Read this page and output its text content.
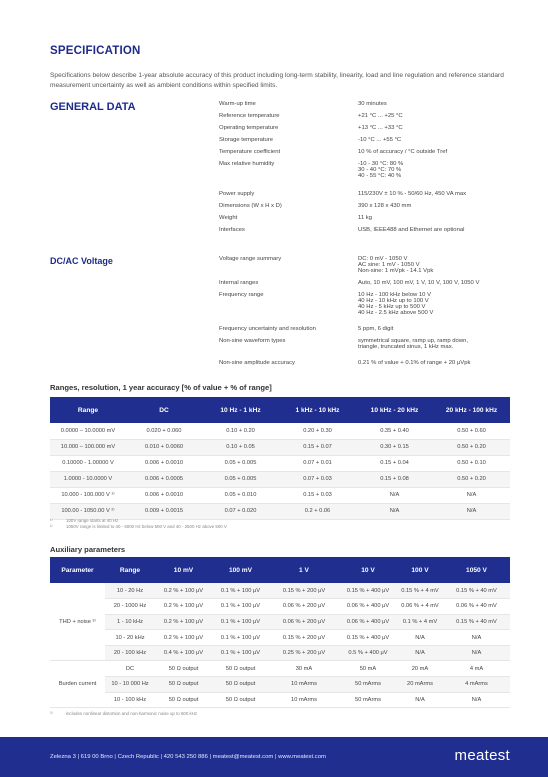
SPECIFICATION
Specifications below describe 1-year absolute accuracy of this product including long-term stability, linearity, load and line regulation and reference standard measurement uncertainty as well as ambient conditions within specified limits.
GENERAL DATA	Warm-up time	30 minutes
Reference temperature	+21 °C ... +25 °C
Operating temperature	+13 °C ... +33 °C
Storage temperature	-10 °C ... +55 °C
Temperature coefficient	10 % of accuracy / °C outside Tref
Max relative humidity	-10 - 30 °C: 80 %
30 - 40 °C: 70 %
40 - 55 °C: 40 %
Power supply	115/230V ± 10 % - 50/60 Hz, 450 VA max
Dimensions (W x H x D)	390 x 128 x 430 mm
Weight	11 kg
Interfaces	USB, IEEE488 and Ethernet are optional
DC/AC Voltage	Voltage range summary	DC: 0 mV - 1050 V
AC sine: 1 mV - 1050 V
Non-sine: 1 mVpk - 14.1 Vpk
Internal ranges	Auto, 10 mV, 100 mV, 1 V, 10 V, 100 V, 1050 V
Frequency range	10 Hz - 100 kHz below 10 V
40 Hz - 10 kHz up to 100 V
40 Hz - 5 kHz up to 500 V
40 Hz - 2.5 kHz above 500 V
Frequency uncertainty and resolution	5 ppm, 6 digit
Non-sine waveform types	symmetrical square, ramp up, ramp down,
triangle, truncated sinus, 1 kHz max.
Non-sine amplitude accuracy	0.21 % of value + 0.1% of range + 20 μVpk
Ranges, resolution, 1 year accuracy [% of value + % of range]
Range	DC	10 Hz - 1 kHz	1 kHz - 10 kHz	10 kHz - 20 kHz	20 kHz - 100 kHz
0.0000 – 10.0000 mV	0.020 + 0.060	0.10 + 0.20	0.20 + 0.30	0.35 + 0.40	0.50 + 0.60
10.000 – 100.000 mV	0.010 + 0.0060	0.10 + 0.05	0.15 + 0.07	0.30 + 0.15	0.50 + 0.20
0.10000 - 1.00000 V	0.006 + 0.0010	0.05 + 0.005	0.07 + 0.01	0.15 + 0.04	0.50 + 0.10
1.0000 - 10.0000 V	0.006 + 0.0005	0.05 + 0.005	0.07 + 0.03	0.15 + 0.08	0.50 + 0.20
10.000 - 100.000 V ¹⁾	0.006 + 0.0010	0.05 + 0.010	0.15 + 0.03	N/A	N/A
100.00 - 1050.00 V ²⁾	0.009 + 0.0015	0.07 + 0.020	0.2 + 0.06	N/A	N/A
¹⁾	100V range starts at 40 Hz
²⁾	1050V range is limited to 40 - 5000 Hz below 500 V and 40 - 2500 Hz above 500 V
Auxiliary parameters
Parameter	Range	10 mV	100 mV	1 V	10 V	100 V	1050 V
THD + noise ³⁾	10 - 20 Hz	0.2 % + 100 μV	0.1 % + 100 μV	0.15 % + 200 μV	0.15 % + 400 μV	0.15 % + 4 mV	0.15 % + 40 mV
	20 - 1000 Hz	0.2 % + 100 μV	0.1 % + 100 μV	0.06 % + 200 μV	0.06 % + 400 μV	0.06 % + 4 mV	0.06 % + 40 mV
	1 - 10 kHz	0.2 % + 100 μV	0.1 % + 100 μV	0.06 % + 200 μV	0.06 % + 400 μV	0.1 % + 4 mV	0.15 % + 40 mV
	10 - 20 kHz	0.2 % + 100 μV	0.1 % + 100 μV	0.15 % + 200 μV	0.15 % + 400 μV	N/A	N/A
	20 - 100 kHz	0.4 % + 100 μV	0.1 % + 100 μV	0.25 % + 200 μV	0.5 % + 400 μV	N/A	N/A
Burden current	DC	50 Ω output	50 Ω output	30 mA	50 mA	20 mA	4 mA
	10 - 10 000 Hz	50 Ω output	50 Ω output	10 mArms	50 mArms	20 mArms	4 mArms
	10 - 100 kHz	50 Ω output	50 Ω output	10 mArms	50 mArms	N/A	N/A
³⁾	includes nonlinear distortion and non-harmonic noise up to 500 kHz
Zelezna 3 | 619 00 Brno | Czech Republic | 420 543 250 886 | meatest@meatest.com | www.meatest.com	meatest
